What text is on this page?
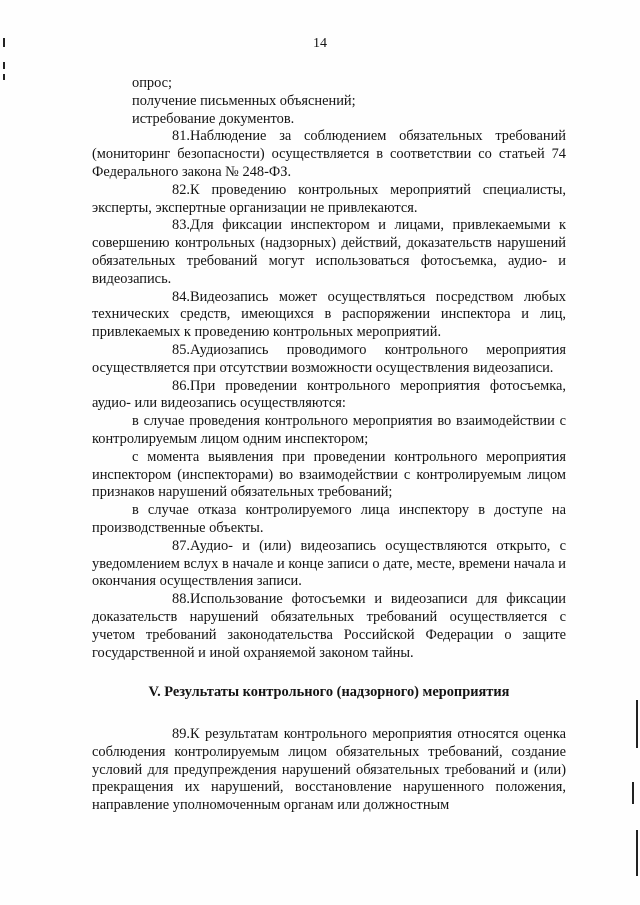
14

опрос;

получение письменных объяснений;

истребование документов.

81.Наблюдение за соблюдением обязательных требований (мониторинг безопасности) осуществляется в соответствии со статьей 74 Федерального закона № 248-ФЗ.

82.К проведению контрольных мероприятий специалисты, эксперты, экспертные организации не привлекаются.

83.Для фиксации инспектором и лицами, привлекаемыми к совершению контрольных (надзорных) действий, доказательств нарушений обязательных требований могут использоваться фотосъемка, аудио- и видеозапись.

84.Видеозапись может осуществляться посредством любых технических средств, имеющихся в распоряжении инспектора и лиц, привлекаемых к проведению контрольных мероприятий.

85.Аудиозапись проводимого контрольного мероприятия осуществляется при отсутствии возможности осуществления видеозаписи.

86.При проведении контрольного мероприятия фотосъемка, аудио- или видеозапись осуществляются:

в случае проведения контрольного мероприятия во взаимодействии с контролируемым лицом одним инспектором;

с момента выявления при проведении контрольного мероприятия инспектором (инспекторами) во взаимодействии с контролируемым лицом признаков нарушений обязательных требований;

в случае отказа контролируемого лица инспектору в доступе на производственные объекты.

87.Аудио- и (или) видеозапись осуществляются открыто, с уведомлением вслух в начале и конце записи о дате, месте, времени начала и окончания осуществления записи.

88.Использование фотосъемки и видеозаписи для фиксации доказательств нарушений обязательных требований осуществляется с учетом требований законодательства Российской Федерации о защите государственной и иной охраняемой законом тайны.

V. Результаты контрольного (надзорного) мероприятия

89.К результатам контрольного мероприятия относятся оценка соблюдения контролируемым лицом обязательных требований, создание условий для предупреждения нарушений обязательных требований и (или) прекращения их нарушений, восстановление нарушенного положения, направление уполномоченным органам или должностным
